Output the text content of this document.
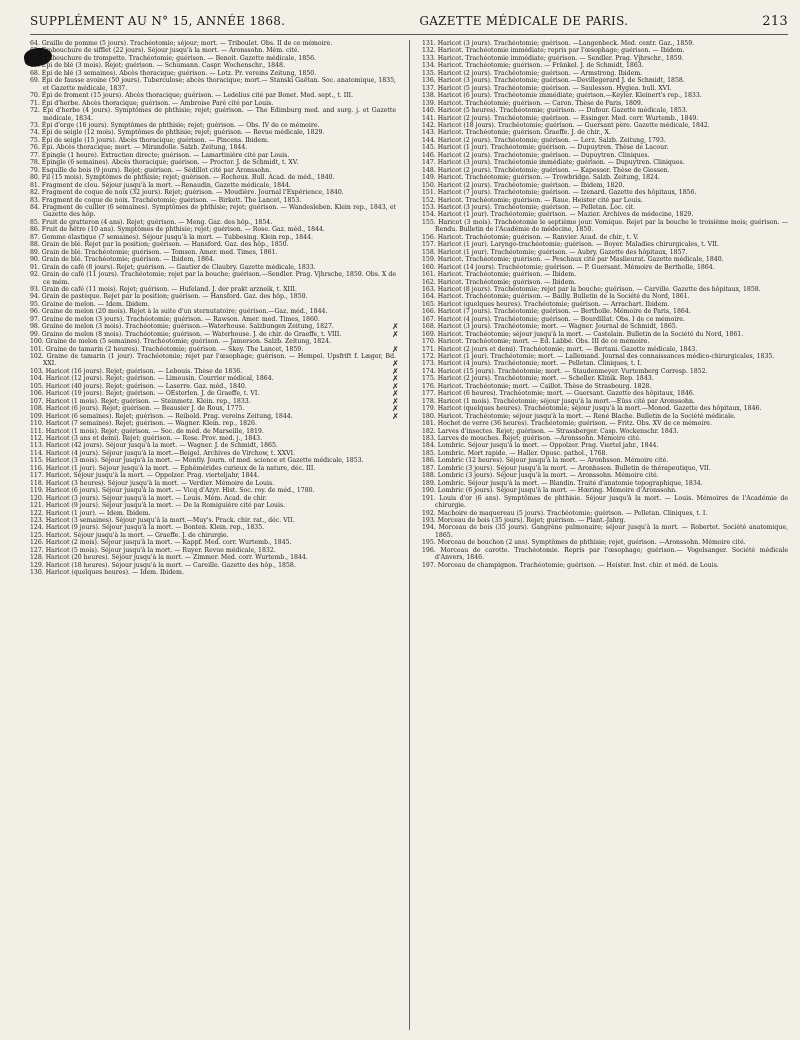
SUPPLÉMENT AU N° 15, ANNÉE 1868.	GAZETTE MÉDICALE DE PARIS.	213
64. Graille de pomme (5 jours). Trachéotomie; séjour; mort. — Triboulet. Obs. II de ce mémoire.
65. Embouchure de sifflet (22 jours). Séjour jusqu'à la mort. — Aronssohn. Mém. cité.
66. Embouchure de trompette. Trachéotomie; guérison. — Benoit. Gazette médicale, 1856.
67. Épi de blé (3 mois). Rejet; guérison. — Schumann. Caspr. Wochenschr., 1848.
68. Épi de blé (3 semaines). Abcès thoracique; guérison. — Lotz. Pr. vereins Zeitung, 1850.
69. Épi de fausse avoine (50 jours). Tuberculose; abcès thoracique; mort.— Stanski Gaëtan. Soc. anatomique, 1835, et Gazette médicale, 1837.
70. Épi de froment (15 jours). Abcès thoracique; guérison. — Ledelius cité par Bonet. Med. sept., t. III.
71. Épi d'herbe. Abcès thoracique; guérison. — Ambroise Paré cité par Louis.
72. Épi d'herbe (4 jours). Symptômes de phthisie; rejet; guérison. — The Edimburg med. and surg. j. et Gazette médicale, 1834.
73. Épi d'orge (16 jours). Symptômes de phthisie; rejet; guérison. — Obs. IV de ce mémoire.
74. Épi de seigle (12 mois). Symptômes de phthisie; rejet; guérison. — Revue médicale, 1829.
75. Épi de seigle (15 jours). Abcès thoracique; guérison. — Pincens. Ibidem.
76. Épi. Abcès thoracique; mort. — Mirandolle. Salzb. Zeitung, 1844.
77. Épingle (1 heure). Extraction directe; guérison. — Lamartinière cité par Louis.
78. Épingle (6 semaines). Abcès thoracique; guérison. — Proctor. J. de Schmidt, t. XV.
79. Esquille de bois (9 jours). Rejet; guérison. — Sédillot cité par Aronssohn.
80. Fil (15 mois). Symptômes de phthisie; rejet; guérison. — Rochoux. Bull. Acad. de méd., 1840.
81. Fragment de clou. Séjour jusqu'à la mort. —Renaudin, Gazette médicale, 1844.
82. Fragment de coque de noix (32 jours). Rejet; guérison. — Moudière. Journal l'Expérience, 1840.
83. Fragment de coque de noix. Trachéotomie; guérison. — Birkett. The Lancet, 1853.
84. Fragment de cuiller (6 semaines). Symptômes de phthisie; rejet; guérison. — Wandesleben. Klein rep., 1843, et Gazette des hôp.
85. Fruit de gratteron (4 ans). Rejet; guérison. — Meng. Gaz. des hôp., 1854.
86. Fruit de hêtre (10 ans). Symptômes de phthisie; rejet; guérison. — Rose. Gaz. méd., 1844.
87. Gomme élastique (7 semaines). Séjour jusqu'à la mort. — Tubbesing. Klein rep., 1844.
88. Grain de blé. Rejet par la position; guérison. — Hansford. Gaz. des hôp., 1850.
89. Grain de blé. Trachéotomie; guérison. — Tomson. Amer. med. Times, 1861.
90. Grain de blé. Trachéotomie; guérison. — Ibidem, 1864.
91. Grain de café (8 jours). Rejet; guérison. — Gautier de Claubry. Gazette médicale, 1833.
92. Grain de café (11 jours). Trachéotomie; rejet par la bouche; guérison.—Sendler. Prag. Vjhrsche, 1859. Obs. X de ce mém.
93. Grain de café (11 mois). Rejet; guérison. — Hufeland. J. der prakt arzneik, t. XIII.
94. Grain de pastèque. Rejet par la position; guérison. — Hansford. Gaz. des hôp., 1850.
95. Graine de melon. — Idem. Ibidem.
96. Graine de melon (20 mois). Rejet à la suite d'un sternutatoire; guérison.—Gaz. méd., 1844.
97. Graine de melon (3 jours). Trachéotomie; guérison. — Rawson. Amer. med. Times, 1860.
98. Graine de melon (3 mois). Trachéotomie; guérison.—Waterhouse. Salzbungen Zeitung, 1827.
99. Graine de melon (8 mois). Trachéotomie; guérison. — Waterhouse. J. de chir. de Graeffe, t. VIII.
100. Graine de melon (5 semaines). Trachéotomie; guérison. — Jamerson. Salzb. Zeitung, 1824.
101. Graine de tamarin (2 heures). Trachéotomie; guérison. — Skey. The Lancet, 1859.
102. Graine de tamarin (1 jour). Trachéotomie; rejet par l'œsophage; guérison. — Hempel. Upsfrift f. Læger, Bd. XXI.
103. Haricot (16 jours). Rejet; guérison. — Lebouis. Thèse de 1836.
104. Haricot (12 jours). Rejet; guérison. — Limousin. Courrier médical, 1864.
105. Haricot (40 jours). Rejet; guérison. — Laserre. Gaz. méd., 1840.
106. Haricot (19 jours). Rejet; guérison. — OEsterlen. J. de Graeffe, t. VI.
107. Haricot (1 mois). Rejet; guérison. — Steinmetz. Klein. rep., 1833.
108. Haricot (6 jours). Rejet; guérison. — Beausier J. de Roux, 1775.
109. Haricot (6 semaines). Rejet; guérison. — Reibold. Prag. vereins Zeitung, 1844.
110. Haricot (7 semaines). Rejet; guérison. — Wagner. Klein. rep., 1826.
111. Haricot (1 mois). Rejet; guérison. — Soc. de méd. de Marseille, 1819.
112. Haricot (3 ans et demi). Rejet; guérison. — Rose. Prov. med. j., 1843.
113. Haricot (42 jours). Séjour jusqu'à la mort. — Wagner. J. de Schmidt, 1865.
114. Haricot (4 jours). Séjour jusqu'à la mort.—Beigel. Archives de Virchow, t. XXVI.
115. Haricot (3 mois). Séjour jusqu'à la mort. — Montly. Journ. of med. science et Gazette médicale, 1853.
116. Haricot (1 jour). Séjour jusqu'à la mort. — Ephémérides curieux de la nature, déc. III.
117. Haricot. Séjour jusqu'à la mort. — Oppolzer. Prag. vierteljahr, 1844.
118. Haricot (3 heures). Séjour jusqu'à la mort. — Verdier. Mémoire de Louis.
119. Haricot (6 jours). Séjour jusqu'à la mort. — Vicq d'Azyr. Hist. Soc. roy. de méd., 1780.
120. Haricot (3 jours). Séjour jusqu'à la mort. — Louis. Mém. Acad. de chir.
121. Haricot (9 jours). Séjour jusqu'à la mort. — De la Romiguière cité par Louis.
122. Haricot (1 jour). — Idem. Ibidem.
123. Haricot (3 semaines). Séjour jusqu'à la mort.—Muy's. Prack. chir. rat., déc. VII.
124. Haricot (9 jours). Séjour jusqu'à la mort. — Bonten. Klein. rep., 1835.
125. Haricot. Séjour jusqu'à la mort. — Graeffe. J. de chirurgie.
126. Haricot (2 mois). Séjour jusqu'à la mort. — Kappf. Med. corr. Wurtemb., 1845.
127. Haricot (5 mois). Séjour jusqu'à la mort. — Ruyer. Revue médicale, 1832.
128. Haricot (20 heures). Séjour jusqu'à la mort. — Zimmer. Med. corr. Wurtemb., 1844.
129. Haricot (18 heures). Séjour jusqu'à la mort. — Careille. Gazette des hôp., 1858.
130. Haricot (quelques heures). — Idem. Ibidem.
131. Haricot (3 jours). Trachéotomie; guérison. —Langenbeck. Med. centr. Gaz., 1859.
132. Haricot. Trachéotomie immédiate; repris par l'œsophage; guérison. — Ibidem.
133. Haricot. Trachéotomie immédiate; guérison. — Sendler. Prag. Vjhrschr., 1859.
134. Haricot. Trachéotomie; guérison. — Fränkel. J. de Schmidt, 1863.
135. Haricot (2 jours). Trachéotomie; guérison. — Armstrong. Ibidem.
136. Haricot (3 jours). Trachéotomie; guérison.—Devillegerard J. de Schmidt, 1858.
137. Haricot (5 jours). Trachéotomie; guérison. — Saulesson. Hygiea. bull. XVI.
138. Haricot (6 jours). Trachéotomie immédiate; guérison.—Keyler. Kleinert's rep., 1833.
139. Haricot. Trachéotomie; guérison. — Caron. Thèse de Paris, 1809.
140. Haricot (5 heures). Trachéotomie; guérison. — Dufour. Gazette médicale, 1853.
141. Haricot (2 jours). Trachéotomie; guérison. — Essinger. Med. corr. Wurtemb., 1849.
142. Haricot (18 jours). Trachéotomie; guérison. — Guersant père. Gazette médicale, 1842.
143. Haricot. Trachéotomie; guérison. Graeffe. J. de chir., X.
144. Haricot (2 jours). Trachéotomie; guérison. — Lerz. Salzb. Zeitung, 1793.
145. Haricot (1 jour). Trachéotomie; guérison. — Dupuytren. Thèse de Lacour.
146. Haricot (2 jours). Trachéotomie; guérison. — Dupuytren. Cliniques.
147. Haricot (3 jours). Trachéotomie immédiate; guérison. — Dupuytren. Cliniques.
148. Haricot (2 jours). Trachéotomie; guérison. — Kapesser. Thèse de Giessen.
149. Haricot. Trachéotomie; guérison. — Trowbridge. Salzb. Zeitung, 1824.
150. Haricot (2 jours). Trachéotomie; guérison. — Ibidem, 1820.
151. Haricot (7 jours). Trachéotomie; guérison. — Izenard. Gazette des hôpitaux, 1856.
152. Haricot. Trachéotomie; guérison. — Raue. Heister cité par Louis.
153. Haricot (3 jours). Trachéotomie; guérison. — Pelletan. Loc. cit.
154. Haricot (1 jour). Trachéotomie; guérison. — Mazier. Archives de médecine, 1829.
155. Haricot (3 mois). Trachéotomie le septième jour. Vomique. Rejet par la bouche le troisième mois; guérison. — Rendu. Bulletin de l'Académie de médecine, 1850.
156. Haricot. Trachéotomie; guérison. — Ranvier. Acad. de chir., t. V.
157. Haricot (1 jour). Laryngo-trachéotomie; guérison. — Boyer. Maladies chirurgicales, t. VII.
158. Haricot (1 jour). Trachéotomie; guérison. — Aubry. Gazette des hôpitaux, 1857.
159. Haricot. Trachéotomie; guérison. — Peschaux cité par Maslieurat. Gazette médicale, 1840.
160. Haricot (14 jours). Trachéotomie; guérison. — P. Guersant. Mémoire de Bertholle, 1864.
161. Haricot. Trachéotomie; guérison. — Ibidem.
162. Haricot. Trachéotomie; guérison. — Ibidem.
163. Haricot (8 jours). Trachéotomie; rejet par la bouche; guérison. — Carville. Gazette des hôpitaux, 1858.
164. Haricot. Trachéotomie; guérison. — Bailly. Bulletin de la Société du Nord, 1861.
165. Haricot (quelques heures). Trachéotomie; guérison. — Arrachart. Ibidem.
166. Haricot (7 jours). Trachéotomie; guérison. — Bertholle. Mémoire de Paris, 1864.
167. Haricot (4 jours). Trachéotomie; guérison. — Bourdillat. Obs. I de ce mémoire.
✗	168. Haricot (3 jours). Trachéotomie; mort. — Wagner. Journal de Schmidt, 1865.
✗	169. Haricot. Trachéotomie; séjour jusqu'à la mort. — Castelain. Bulletin de la Société du Nord, 1861.
170. Haricot. Trachéotomie; mort. — Ed. Labbé. Obs. III de ce mémoire.
✗	171. Haricot (2 jours et demi). Trachéotomie; mort. — Bertani. Gazette médicale, 1843.
172. Haricot (1 jour). Trachéotomie; mort. — Lallemand. Journal des connaissances médico-chirurgicales, 1835.
✗	173. Haricot (4 jours). Trachéotomie; mort. — Pelletan. Cliniques, t. I.
✗	174. Haricot (15 jours). Trachéotomie; mort. — Staudenmeyer. Vurtemberg Corresp. 1852.
✗	175. Haricot (2 jours). Trachéotomie; mort. — Scheller. Klinik. Rep. 1843.
✗	176. Haricot. Trachéotomie; mort. — Caillot. Thèse de Strasbourg. 1828.
✗	177. Haricot (6 heures). Trachéotomie; mort. — Guersant. Gazette des hôpitaux, 1846.
✗	178. Haricot (1 mois). Trachéotomie; séjour jusqu'à la mort.—Eüss cité par Aronssohn.
✗	179. Haricot (quelques heures). Trachéotomie; séjour jusqu'à la mort.—Monod. Gazette des hôpitaux, 1846.
✗	180. Haricot. Trachéotomie; séjour jusqu'à la mort. — René Blache. Bulletin de la Société médicale.
181. Hochet de verre (36 heures). Trachéotomie; guérison. — Fritz. Obs. XV de ce mémoire.
182. Larves d'insectes. Rejet; guérison. — Strassberger. Casp. Wockenschr. 1843.
183. Larves de mouches. Rejet; guérison. —Aronssohn. Mémoire cité.
184. Lombric. Séjour jusqu'à la mort. — Oppolzer. Prag. Viertel jahr., 1844.
185. Lombric. Mort rapide. — Haller. Opusc. pathol., 1768.
186. Lombric (12 heures). Séjour jusqu'à la mort. — Aronhsson. Mémoire cité.
187. Lombric (3 jours). Séjour jusqu'à la mort. — Aronhsson. Bulletin de thérapeutique, VII.
188. Lombric (3 jours). Séjour jusqu'à la mort. — Aronssohn. Mémoire cité.
189. Lombric. Séjour jusqu'à la mort. — Blandin. Traité d'anatomie topographique, 1834.
190. Lombric (6 jours). Séjour jusqu'à la mort. — Hœring. Mémoire d'Aronssohn.
191. Louis d'or (6 ans). Symptômes de phthisie. Séjour jusqu'à la mort. — Louis. Mémoires de l'Académie de chirurgie.
192. Machoire de maquereau (5 jours). Trachéotomie; guérison. — Pelletan. Cliniques, t. I.
193. Morceau de bois (35 jours). Rejet; guérison. — Plant.-Jahrg.
194. Morceau de bois (35 jours). Gangrène pulmonaire; séjour jusqu'à la mort. — Robertet. Société anatomique, 1865.
195. Morceau de bouchon (2 ans). Symptômes de phthisie; rejet, guérison. —Aronssohn. Mémoire cité.
196. Morceau de carotte. Trachéotomie. Repris par l'œsophage; guérison.— Vogelsanger. Société médicale d'Anvers, 1846.
197. Morceau de champignon. Trachéotomie; guérison. — Heister. Inst. chir. et méd. de Louis.
